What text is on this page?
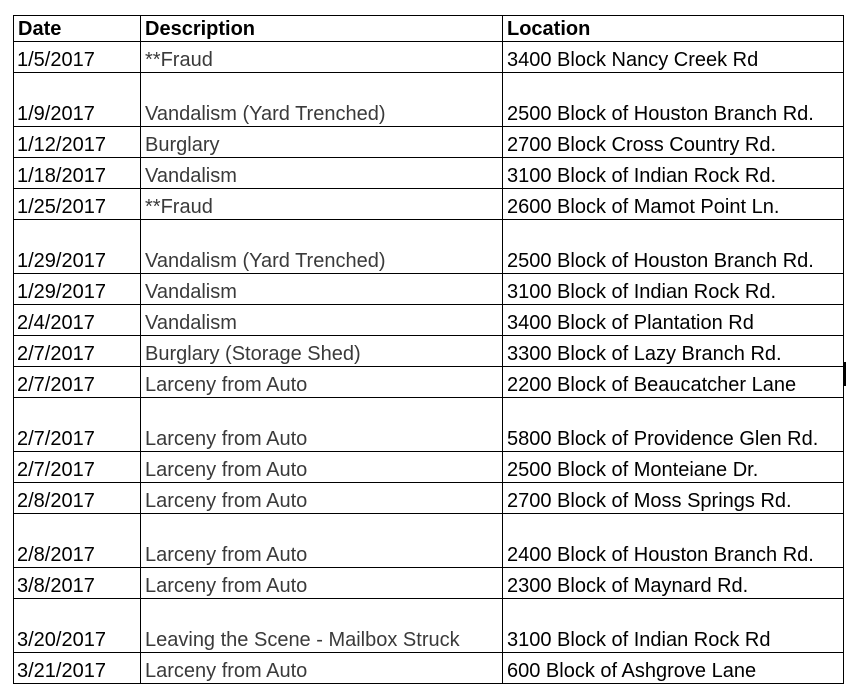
Date	Description	Location
1/5/2017	**Fraud	3400 Block Nancy Creek Rd
1/9/2017	Vandalism (Yard Trenched)	2500 Block of Houston Branch Rd.
1/12/2017	Burglary	2700 Block Cross Country Rd.
1/18/2017	Vandalism	3100 Block of Indian Rock Rd.
1/25/2017	**Fraud	2600 Block of Mamot Point Ln.
1/29/2017	Vandalism (Yard Trenched)	2500 Block of Houston Branch Rd.
1/29/2017	Vandalism	3100 Block of Indian Rock Rd.
2/4/2017	Vandalism	3400 Block of Plantation Rd
2/7/2017	Burglary (Storage Shed)	3300 Block of Lazy Branch Rd.
2/7/2017	Larceny from Auto	2200 Block of Beaucatcher Lane
2/7/2017	Larceny from Auto	5800 Block of Providence Glen Rd.
2/7/2017	Larceny from Auto	2500 Block of Monteiane Dr.
2/8/2017	Larceny from Auto	2700 Block of Moss Springs Rd.
2/8/2017	Larceny from Auto	2400 Block of Houston Branch Rd.
3/8/2017	Larceny from Auto	2300 Block of Maynard Rd.
3/20/2017	Leaving the Scene - Mailbox Struck	3100 Block of Indian Rock Rd
3/21/2017	Larceny from Auto	600 Block of Ashgrove Lane
